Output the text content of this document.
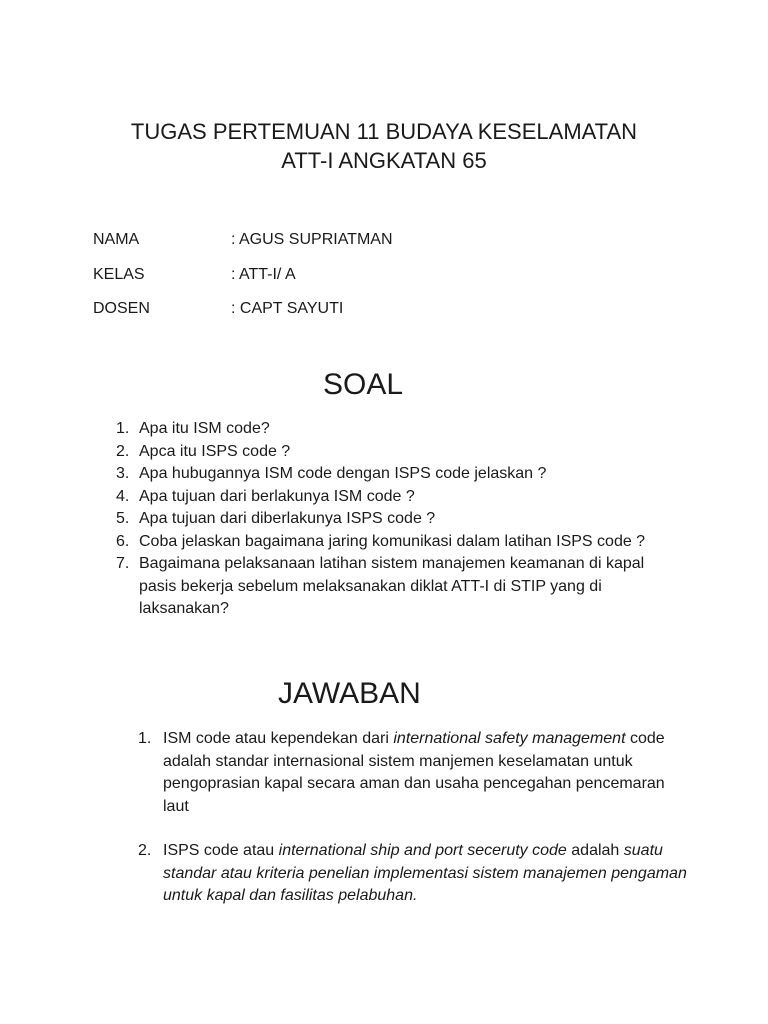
TUGAS PERTEMUAN 11 BUDAYA KESELAMATAN
ATT-I ANGKATAN 65
NAMA	: AGUS SUPRIATMAN
KELAS	: ATT-I/ A
DOSEN	: CAPT SAYUTI
SOAL
1. Apa itu ISM code?
2. Apca itu ISPS code ?
3. Apa hubugannya ISM code dengan ISPS code jelaskan ?
4. Apa tujuan dari berlakunya ISM code ?
5. Apa tujuan dari diberlakunya ISPS code ?
6. Coba jelaskan bagaimana jaring komunikasi dalam latihan ISPS code ?
7. Bagaimana pelaksanaan latihan sistem manajemen keamanan di kapal pasis bekerja sebelum melaksanakan diklat ATT-I di STIP yang di laksanakan?
JAWABAN
1. ISM code atau kependekan dari international safety management code adalah standar internasional sistem manjemen keselamatan untuk pengoprasian kapal secara aman dan usaha pencegahan pencemaran laut
2. ISPS code atau international ship and port seceruty code adalah suatu standar atau kriteria penelian implementasi sistem manajemen pengaman untuk kapal dan fasilitas pelabuhan.
